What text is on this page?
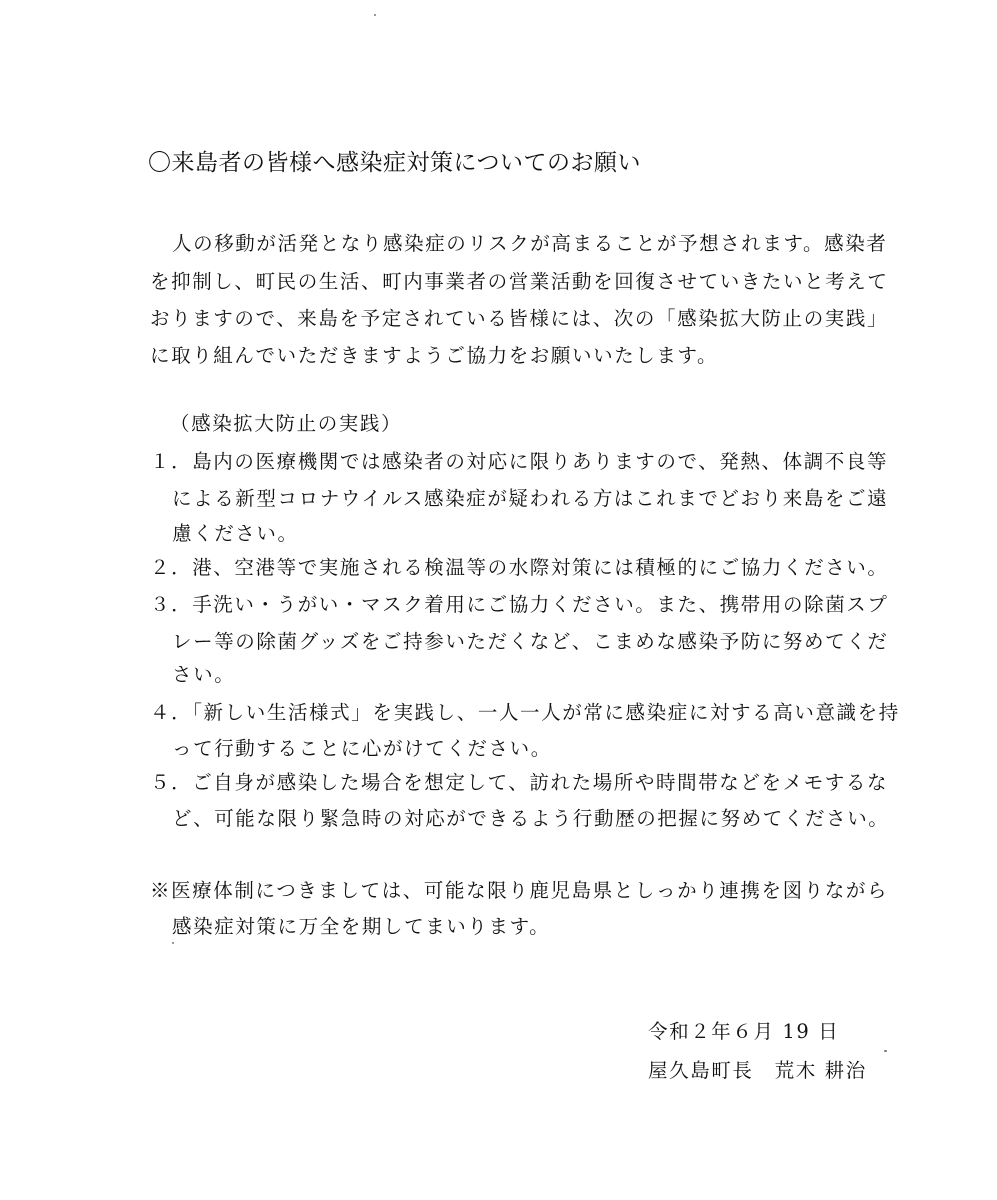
〇来島者の皆様へ感染症対策についてのお願い
人の移動が活発となり感染症のリスクが高まることが予想されます。感染者
を抑制し、町民の生活、町内事業者の営業活動を回復させていきたいと考えて
おりますので、来島を予定されている皆様には、次の「感染拡大防止の実践」
に取り組んでいただきますようご協力をお願いいたします。
（感染拡大防止の実践）
１．島内の医療機関では感染者の対応に限りありますので、発熱、体調不良等
による新型コロナウイルス感染症が疑われる方はこれまでどおり来島をご遠
慮ください。
２．港、空港等で実施される検温等の水際対策には積極的にご協力ください。
３．手洗い・うがい・マスク着用にご協力ください。また、携帯用の除菌スプ
レー等の除菌グッズをご持参いただくなど、こまめな感染予防に努めてくだ
さい。
４．「新しい生活様式」を実践し、一人一人が常に感染症に対する高い意識を持
って行動することに心がけてください。
５．ご自身が感染した場合を想定して、訪れた場所や時間帯などをメモするな
ど、可能な限り緊急時の対応ができるよう行動歴の把握に努めてください。
※医療体制につきましては、可能な限り鹿児島県としっかり連携を図りながら
感染症対策に万全を期してまいります。
令和２年６月 19 日
屋久島町長　荒木 耕治
